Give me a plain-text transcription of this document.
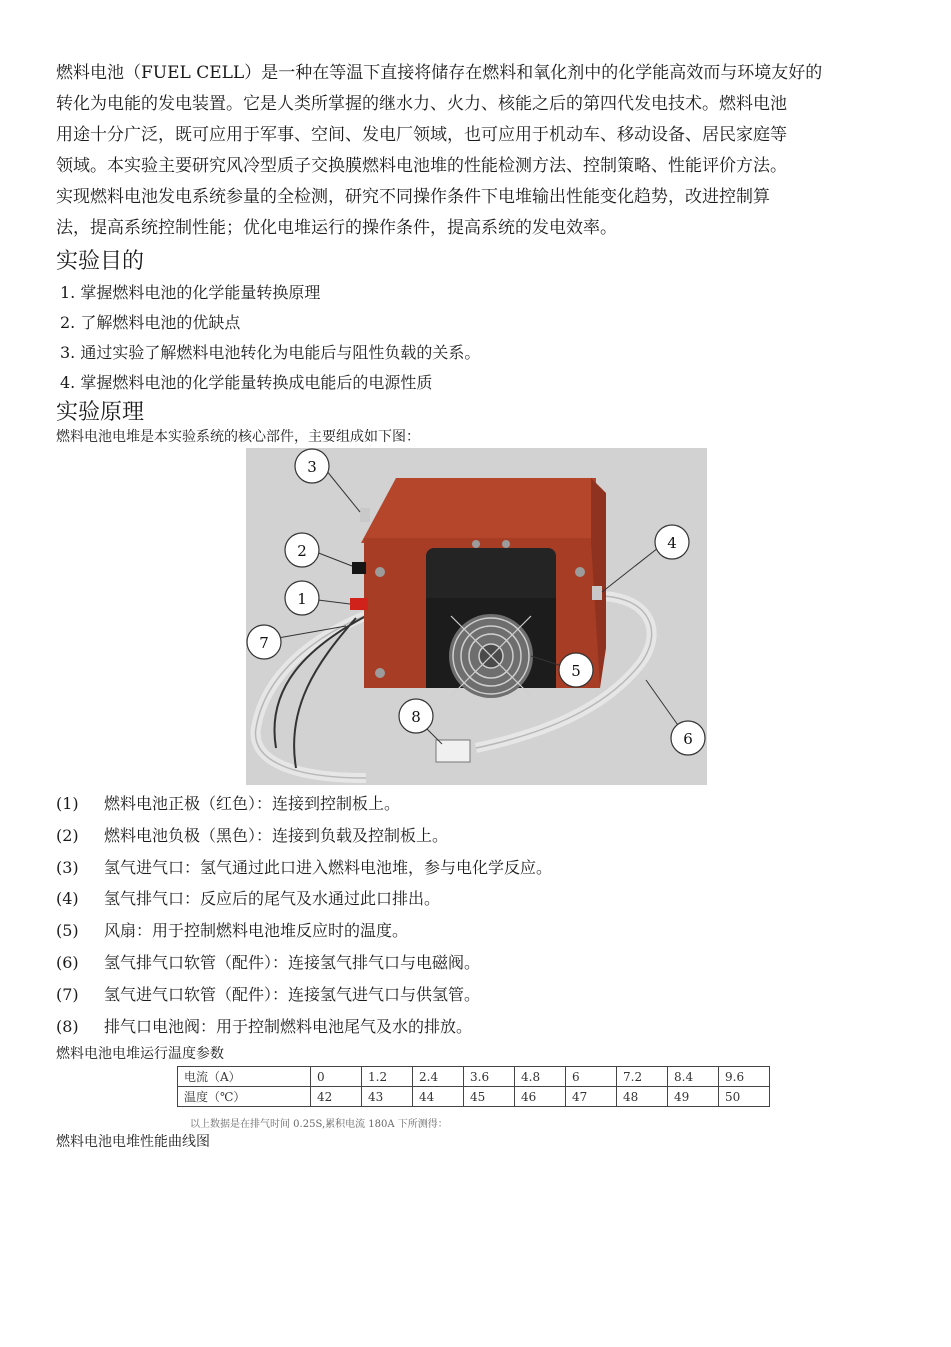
燃料电池（FUEL CELL）是一种在等温下直接将储存在燃料和氧化剂中的化学能高效而与环境友好的

转化为电能的发电装置。它是人类所掌握的继水力、火力、核能之后的第四代发电技术。燃料电池

用途十分广泛，既可应用于军事、空间、发电厂领域，也可应用于机动车、移动设备、居民家庭等

领域。本实验主要研究风冷型质子交换膜燃料电池堆的性能检测方法、控制策略、性能评价方法。

实现燃料电池发电系统参量的全检测，研究不同操作条件下电堆输出性能变化趋势，改进控制算

法，提高系统控制性能；优化电堆运行的操作条件，提高系统的发电效率。

实验目的
1. 掌握燃料电池的化学能量转换原理
2. 了解燃料电池的优缺点
3. 通过实验了解燃料电池转化为电能后与阻性负载的关系。
4. 掌握燃料电池的化学能量转换成电能后的电源性质
实验原理

燃料电池电堆是本实验系统的核心部件，主要组成如下图：

3
2
1
4
5
6
7
8
(1) 燃料电池正极（红色）：连接到控制板上。
(2) 燃料电池负极（黑色）：连接到负载及控制板上。
(3) 氢气进气口：氢气通过此口进入燃料电池堆，参与电化学反应。
(4) 氢气排气口：反应后的尾气及水通过此口排出。
(5) 风扇：用于控制燃料电池堆反应时的温度。
(6) 氢气排气口软管（配件）：连接氢气排气口与电磁阀。
(7) 氢气进气口软管（配件）：连接氢气进气口与供氢管。
(8) 排气口电池阀：用于控制燃料电池尾气及水的排放。

燃料电池电堆运行温度参数

电流（A）	0	1.2	2.4	3.6	4.8	6	7.2	8.4	9.6
温度（℃）	42	43	44	45	46	47	48	49	50

以上数据是在排气时间 0.25S,累积电流 180A 下所测得：

燃料电池电堆性能曲线图
